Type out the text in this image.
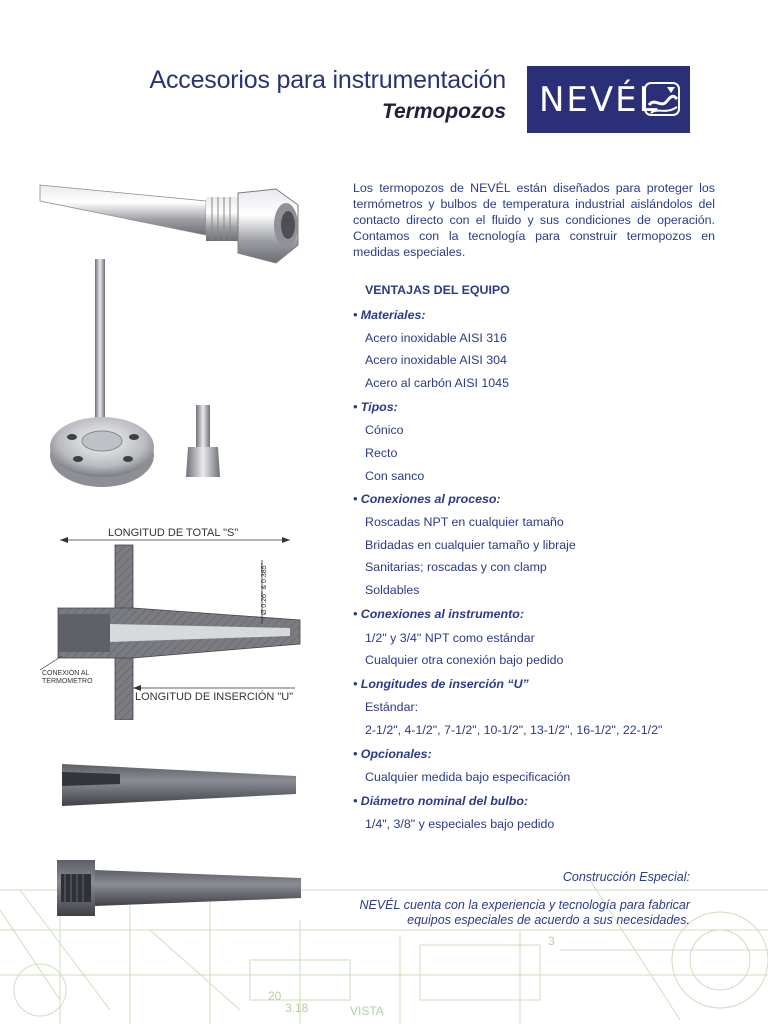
3
20
3.18	VISTA
Accesorios para instrumentación
Termopozos NEVÉL
LONGITUD DE TOTAL "S"
LONGITUD DE INSERCIÓN "U"
CONEXIÓN AL
TERMOMETRO
Ø 0.26" & 0.385"
Los termopozos de NEVÉL están diseñados para proteger los termómetros y bulbos de temperatura industrial aislándolos del contacto directo con el fluido y sus condiciones de operación. Contamos con la tecnología para construir termopozos en medidas especiales.
VENTAJAS DEL EQUIPO
• Materiales:
Acero inoxidable AISI 316
Acero inoxidable AISI 304
Acero al carbón AISI 1045
• Tipos:
Cónico
Recto
Con sanco
• Conexiones al proceso:
Roscadas NPT en cualquier tamaño
Bridadas en cualquier tamaño y libraje
Sanitarias; roscadas y con clamp
Soldables
• Conexiones al instrumento:
1/2" y 3/4" NPT como estándar
Cualquier otra conexión bajo pedido
• Longitudes de inserción “U”
Estándar:
2-1/2", 4-1/2", 7-1/2", 10-1/2", 13-1/2", 16-1/2", 22-1/2"
• Opcionales:
Cualquier medida bajo especificación
• Diámetro nominal del bulbo:
1/4", 3/8" y especiales bajo pedido
Construcción Especial:
NEVÉL cuenta con la experiencia y tecnología para fabricar equipos especiales de acuerdo a sus necesidades.
